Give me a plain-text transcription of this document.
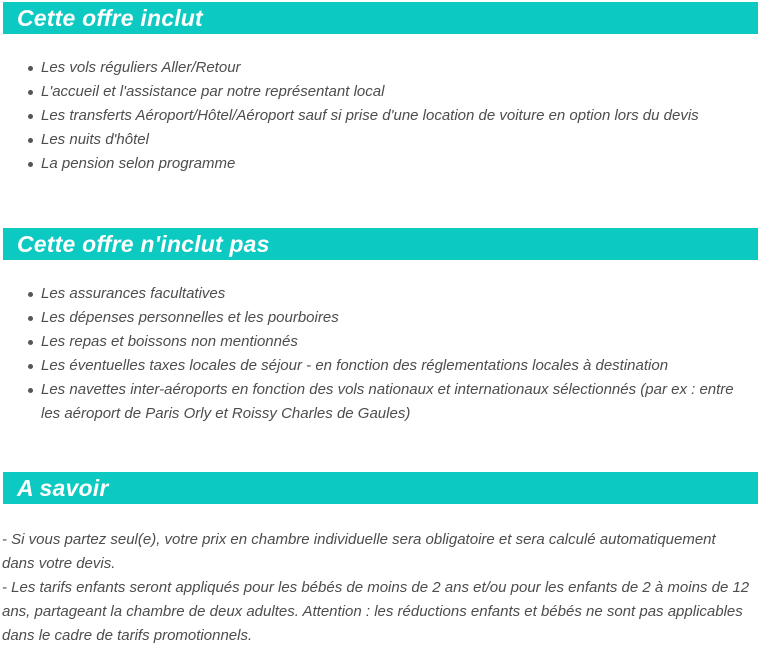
Cette offre inclut
Les vols réguliers Aller/Retour
L'accueil et l'assistance par notre représentant local
Les transferts Aéroport/Hôtel/Aéroport sauf si prise d'une location de voiture en option lors du devis
Les nuits d'hôtel
La pension selon programme
Cette offre n'inclut pas
Les assurances facultatives
Les dépenses personnelles et les pourboires
Les repas et boissons non mentionnés
Les éventuelles taxes locales de séjour - en fonction des réglementations locales à destination
Les navettes inter-aéroports en fonction des vols nationaux et internationaux sélectionnés (par ex : entre les aéroport de Paris Orly et Roissy Charles de Gaules)
A savoir

- Si vous partez seul(e), votre prix en chambre individuelle sera obligatoire et sera calculé automatiquement dans votre devis.

- Les tarifs enfants seront appliqués pour les bébés de moins de 2 ans et/ou pour les enfants de 2 à moins de 12 ans, partageant la chambre de deux adultes. Attention : les réductions enfants et bébés ne sont pas applicables dans le cadre de tarifs promotionnels.
